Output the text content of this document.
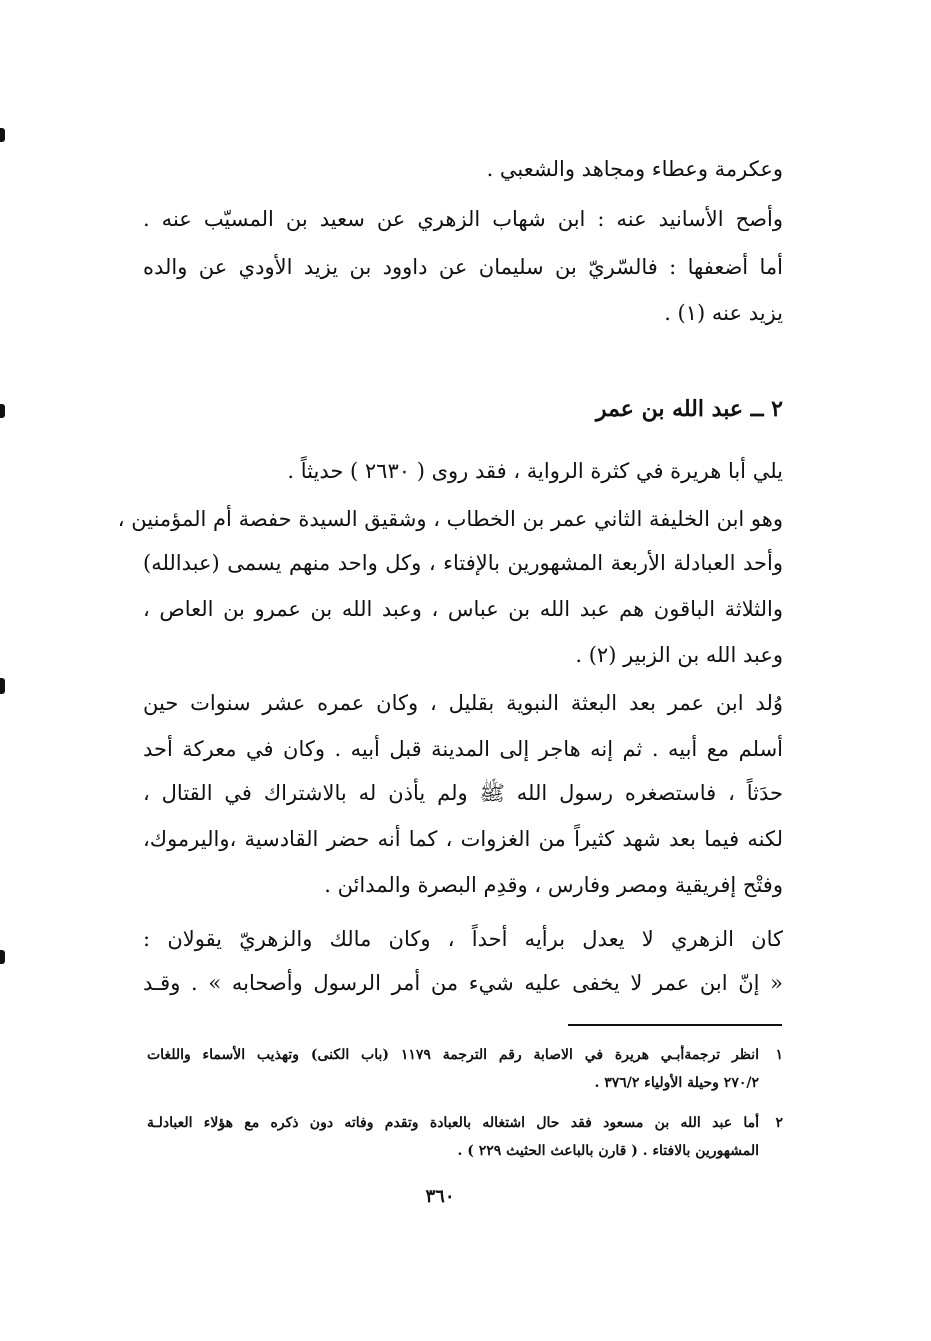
وعكرمة وعطاء ومجاهد والشعبي .
وأصح الأسانيد عنه : ابن شهاب الزهري عن سعيد بن المسيّب عنه .
أما أضعفها : فالسّريّ بن سليمان عن داوود بن يزيد الأودي عن والده
يزيد عنه (١) .
٢ ــ عبد الله بن عمر
يلي أبا هريرة في كثرة الرواية ، فقد روى ( ٢٦٣٠ ) حديثاً .
وهو ابن الخليفة الثاني عمر بن الخطاب ، وشقيق السيدة حفصة أم المؤمنين ،
وأحد العبادلة الأربعة المشهورين بالإفتاء ، وكل واحد منهم يسمى (عبدالله)
والثلاثة الباقون هم عبد الله بن عباس ، وعبد الله بن عمرو بن العاص ،
وعبد الله بن الزبير (٢) .
وُلد ابن عمر بعد البعثة النبوية بقليل ، وكان عمره عشر سنوات حين
أسلم مع أبيه . ثم إنه هاجر إلى المدينة قبل أبيه . وكان في معركة أحد
حدَثاً ، فاستصغره رسول الله ﷺ ولم يأذن له بالاشتراك في القتال ،
لكنه فيما بعد شهد كثيراً من الغزوات ، كما أنه حضر القادسية ،واليرموك،
وفتْح إفريقية ومصر وفارس ، وقدِم البصرة والمدائن .
كان الزهري لا يعدل برأيه أحداً ، وكان مالك والزهريّ يقولان :
« إنّ ابن عمر لا يخفى عليه شيء من أمر الرسول وأصحابه » . وقـد
١
انظر ترجمةأبـي هريرة في الاصابة رقم الترجمة ١١٧٩ (باب الكنى) وتهذيب الأسماء واللغات
٢٧٠/٢ وحيلة الأولياء ٣٧٦/٢ .
٢
أما عبد الله بن مسعود فقد حال اشتغاله بالعبادة وتقدم وفاته دون ذكره مع هؤلاء العبادلـة
المشهورين بالافتاء . ( قارن بالباعث الحثيث ٢٢٩ ) .
٣٦٠
